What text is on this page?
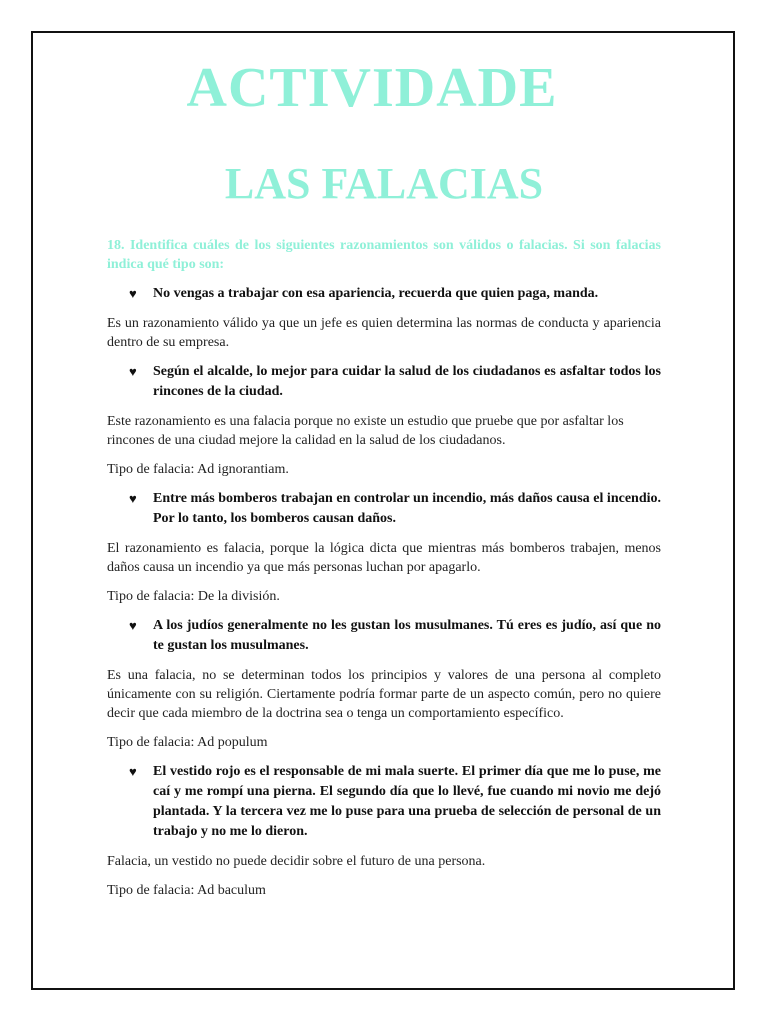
ACTIVIDADE
LAS FALACIAS

18. Identifica cuáles de los siguientes razonamientos son válidos o falacias. Si son falacias indica qué tipo son:

♥ No vengas a trabajar con esa apariencia, recuerda que quien paga, manda.

Es un razonamiento válido ya que un jefe es quien determina las normas de conducta y apariencia dentro de su empresa.

♥ Según el alcalde, lo mejor para cuidar la salud de los ciudadanos es asfaltar todos los rincones de la ciudad.

Este razonamiento es una falacia porque no existe un estudio que pruebe que por asfaltar los rincones de una ciudad mejore la calidad en la salud de los ciudadanos.

Tipo de falacia: Ad ignorantiam.

♥ Entre más bomberos trabajan en controlar un incendio, más daños causa el incendio. Por lo tanto, los bomberos causan daños.

El razonamiento es falacia, porque la lógica dicta que mientras más bomberos trabajen, menos daños causa un incendio ya que más personas luchan por apagarlo.

Tipo de falacia: De la división.

♥ A los judíos generalmente no les gustan los musulmanes. Tú eres es judío, así que no te gustan los musulmanes.

Es una falacia, no se determinan todos los principios y valores de una persona al completo únicamente con su religión. Ciertamente podría formar parte de un aspecto común, pero no quiere decir que cada miembro de la doctrina sea o tenga un comportamiento específico.

Tipo de falacia: Ad populum

♥ El vestido rojo es el responsable de mi mala suerte. El primer día que me lo puse, me caí y me rompí una pierna. El segundo día que lo llevé, fue cuando mi novio me dejó plantada. Y la tercera vez me lo puse para una prueba de selección de personal de un trabajo y no me lo dieron.

Falacia, un vestido no puede decidir sobre el futuro de una persona.

Tipo de falacia: Ad baculum
